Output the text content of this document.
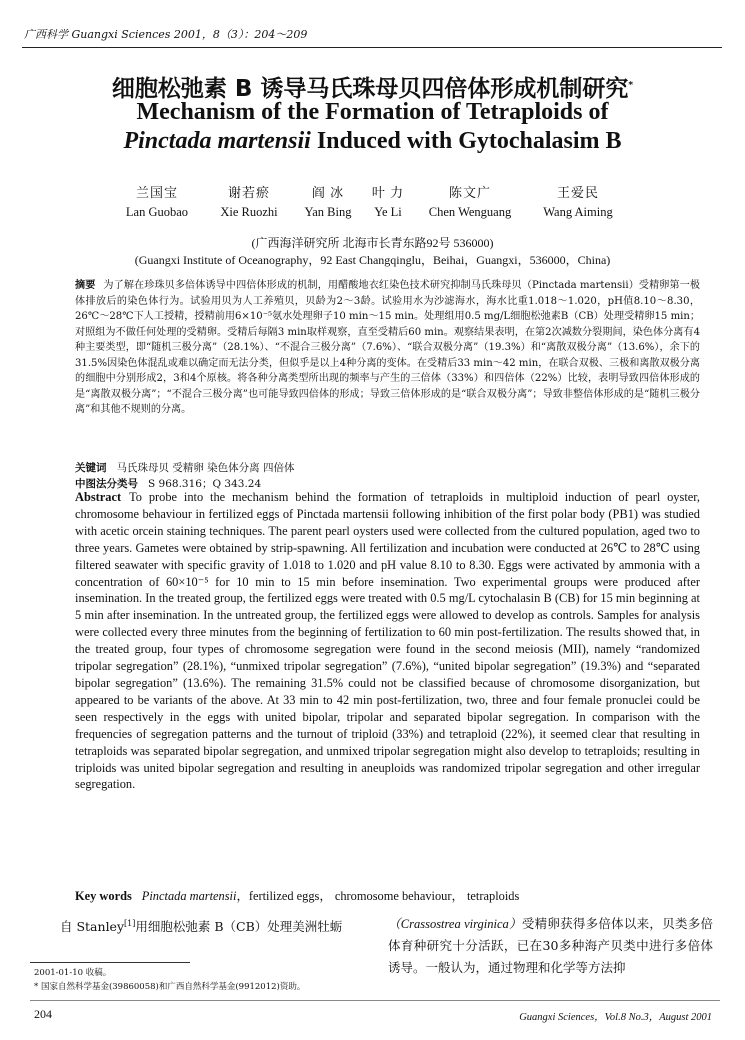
广西科学 Guangxi Sciences 2001，8（3）：204～209
细胞松弛素 B 诱导马氏珠母贝四倍体形成机制研究*
Mechanism of the Formation of Tetraploids of
Pinctada martensii Induced with Gytochalasim B
兰国宝
Lan Guobao
谢若瘀
Xie Ruozhi
阎 冰
Yan Bing
叶 力
Ye Li
陈文广
Chen Wenguang
王爱民
Wang Aiming
(广西海洋研究所 北海市长青东路92号 536000)
(Guangxi Institute of Oceanography，92 East Changqinglu，Beihai，Guangxi，536000，China)
摘要 为了解在珍珠贝多倍体诱导中四倍体形成的机制，用醋酸地衣红染色技术研究抑制马氏珠母贝（Pinctada martensii）受精卵第一极体排放后的染色体行为。试验用贝为人工养殖贝，贝龄为2～3龄。试验用水为沙滤海水，海水比重1.018～1.020，pH值8.10～8.30，26℃～28℃下人工授精，授精前用6×10⁻⁵氨水处理卵子10 min～15 min。处理组用0.5 mg/L细胞松弛素B（CB）处理受精卵15 min；对照组为不做任何处理的受精卵。受精后每隔3 min取样观察，直至受精后60 min。观察结果表明，在第2次减数分裂期间，染色体分离有4种主要类型，即“随机三极分离”（28.1%）、“不混合三极分离”（7.6%）、“联合双极分离”（19.3%）和“离散双极分离”（13.6%），余下的31.5%因染色体混乱或难以确定而无法分类，但似乎是以上4种分离的变体。在受精后33 min～42 min，在联合双极、三极和离散双极分离的细胞中分别形成2，3和4个原核。将各种分离类型所出现的频率与产生的三倍体（33%）和四倍体（22%）比较，表明导致四倍体形成的是“离散双极分离”；“不混合三极分离”也可能导致四倍体的形成；导致三倍体形成的是“联合双极分离”；导致非整倍体形成的是“随机三极分离”和其他不规则的分离。
关键词 马氏珠母贝 受精卵 染色体分离 四倍体
中图法分类号 S 968.316；Q 343.24
Abstract To probe into the mechanism behind the formation of tetraploids in multiploid induction of pearl oyster, chromosome behaviour in fertilized eggs of Pinctada martensii following inhibition of the first polar body (PB1) was studied with acetic orcein staining techniques. The parent pearl oysters used were collected from the cultured population, aged two to three years. Gametes were obtained by strip-spawning. All fertilization and incubation were conducted at 26℃ to 28℃ using filtered seawater with specific gravity of 1.018 to 1.020 and pH value 8.10 to 8.30. Eggs were activated by ammonia with a concentration of 60×10⁻⁵ for 10 min to 15 min before insemination. Two experimental groups were produced after insemination. In the treated group, the fertilized eggs were treated with 0.5 mg/L cytochalasin B (CB) for 15 min beginning at 5 min after insemination. In the untreated group, the fertilized eggs were allowed to develop as controls. Samples for analysis were collected every three minutes from the beginning of fertilization to 60 min post-fertilization. The results showed that, in the treated group, four types of chromosome segregation were found in the second meiosis (MII), namely “randomized tripolar segregation” (28.1%), “unmixed tripolar segregation” (7.6%), “united bipolar segregation” (19.3%) and “separated bipolar segregation” (13.6%). The remaining 31.5% could not be classified because of chromosome disorganization, but appeared to be variants of the above. At 33 min to 42 min post-fertilization, two, three and four female pronuclei could be seen respectively in the eggs with united bipolar, tripolar and separated bipolar segregation. In comparison with the frequencies of segregation patterns and the turnout of triploid (33%) and tetraploid (22%), it seemed clear that resulting in tetraploids was separated bipolar segregation, and unmixed tripolar segregation might also develop to tetraploids; resulting in triploids was united bipolar segregation and resulting in aneuploids was randomized tripolar segregation and other irregular segregation.
Key words Pinctada martensii，fertilized eggs， chromosome behaviour， tetraploids
自 Stanley[1]用细胞松弛素 B（CB）处理美洲牡蛎	（Crassostrea virginica）受精卵获得多倍体以来，贝类多倍体育种研究十分活跃，已在30多种海产贝类中进行多倍体诱导。一般认为，通过物理和化学等方法抑
2001-01-10 收稿。
* 国家自然科学基金(39860058)和广西自然科学基金(9912012)资助。
204	Guangxi Sciences，Vol.8 No.3，August 2001
